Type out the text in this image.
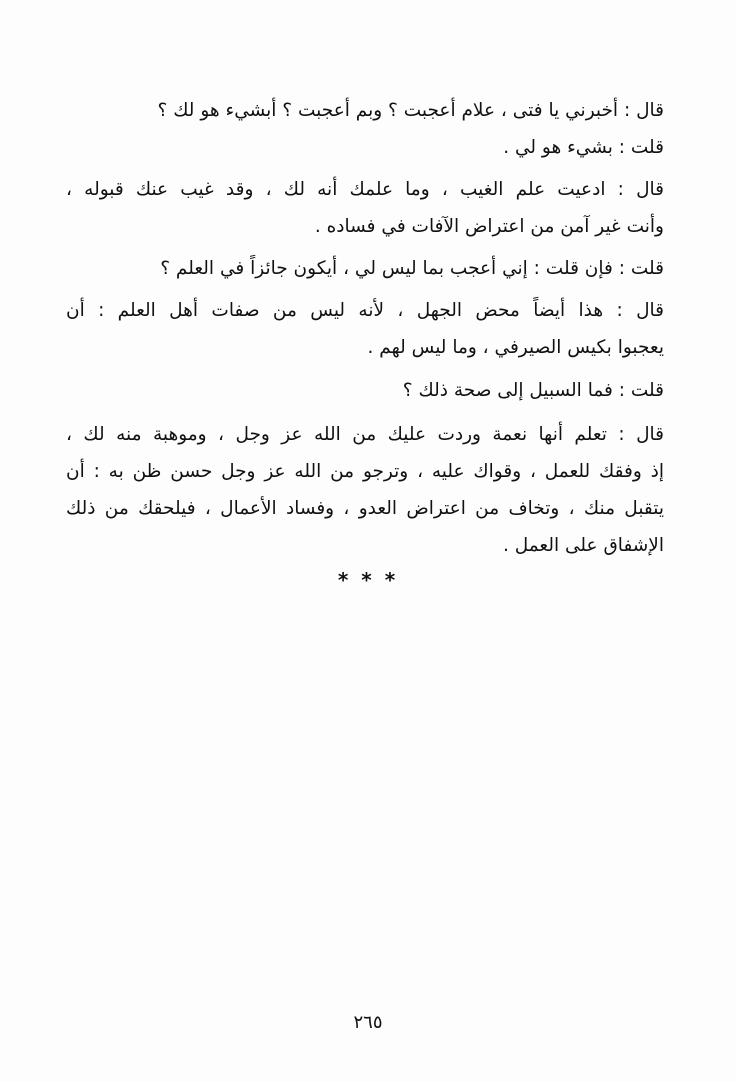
قال : أخبرني يا فتى ، علام أعجبت ؟ وبم أعجبت ؟ أبشيء هو لك ؟
قلت : بشيء هو لي .
قال : ادعيت علم الغيب ، وما علمك أنه لك ، وقد غيب عنك قبوله ،
وأنت غير آمن من اعتراض الآفات في فساده .
قلت : فإن قلت : إني أعجب بما ليس لي ، أيكون جائزاً في العلم ؟
قال : هذا أيضاً محض الجهل ، لأنه ليس من صفات أهل العلم : أن
يعجبوا بكيس الصيرفي ، وما ليس لهم .
قلت : فما السبيل إلى صحة ذلك ؟
قال : تعلم أنها نعمة وردت عليك من الله عز وجل ، وموهبة منه لك ،
إذ وفقك للعمل ، وقواك عليه ، وترجو من الله عز وجل حسن ظن به : أن
يتقبل منك ، وتخاف من اعتراض العدو ، وفساد الأعمال ، فيلحقك من ذلك
الإشفاق على العمل .
* * *
٢٦٥
